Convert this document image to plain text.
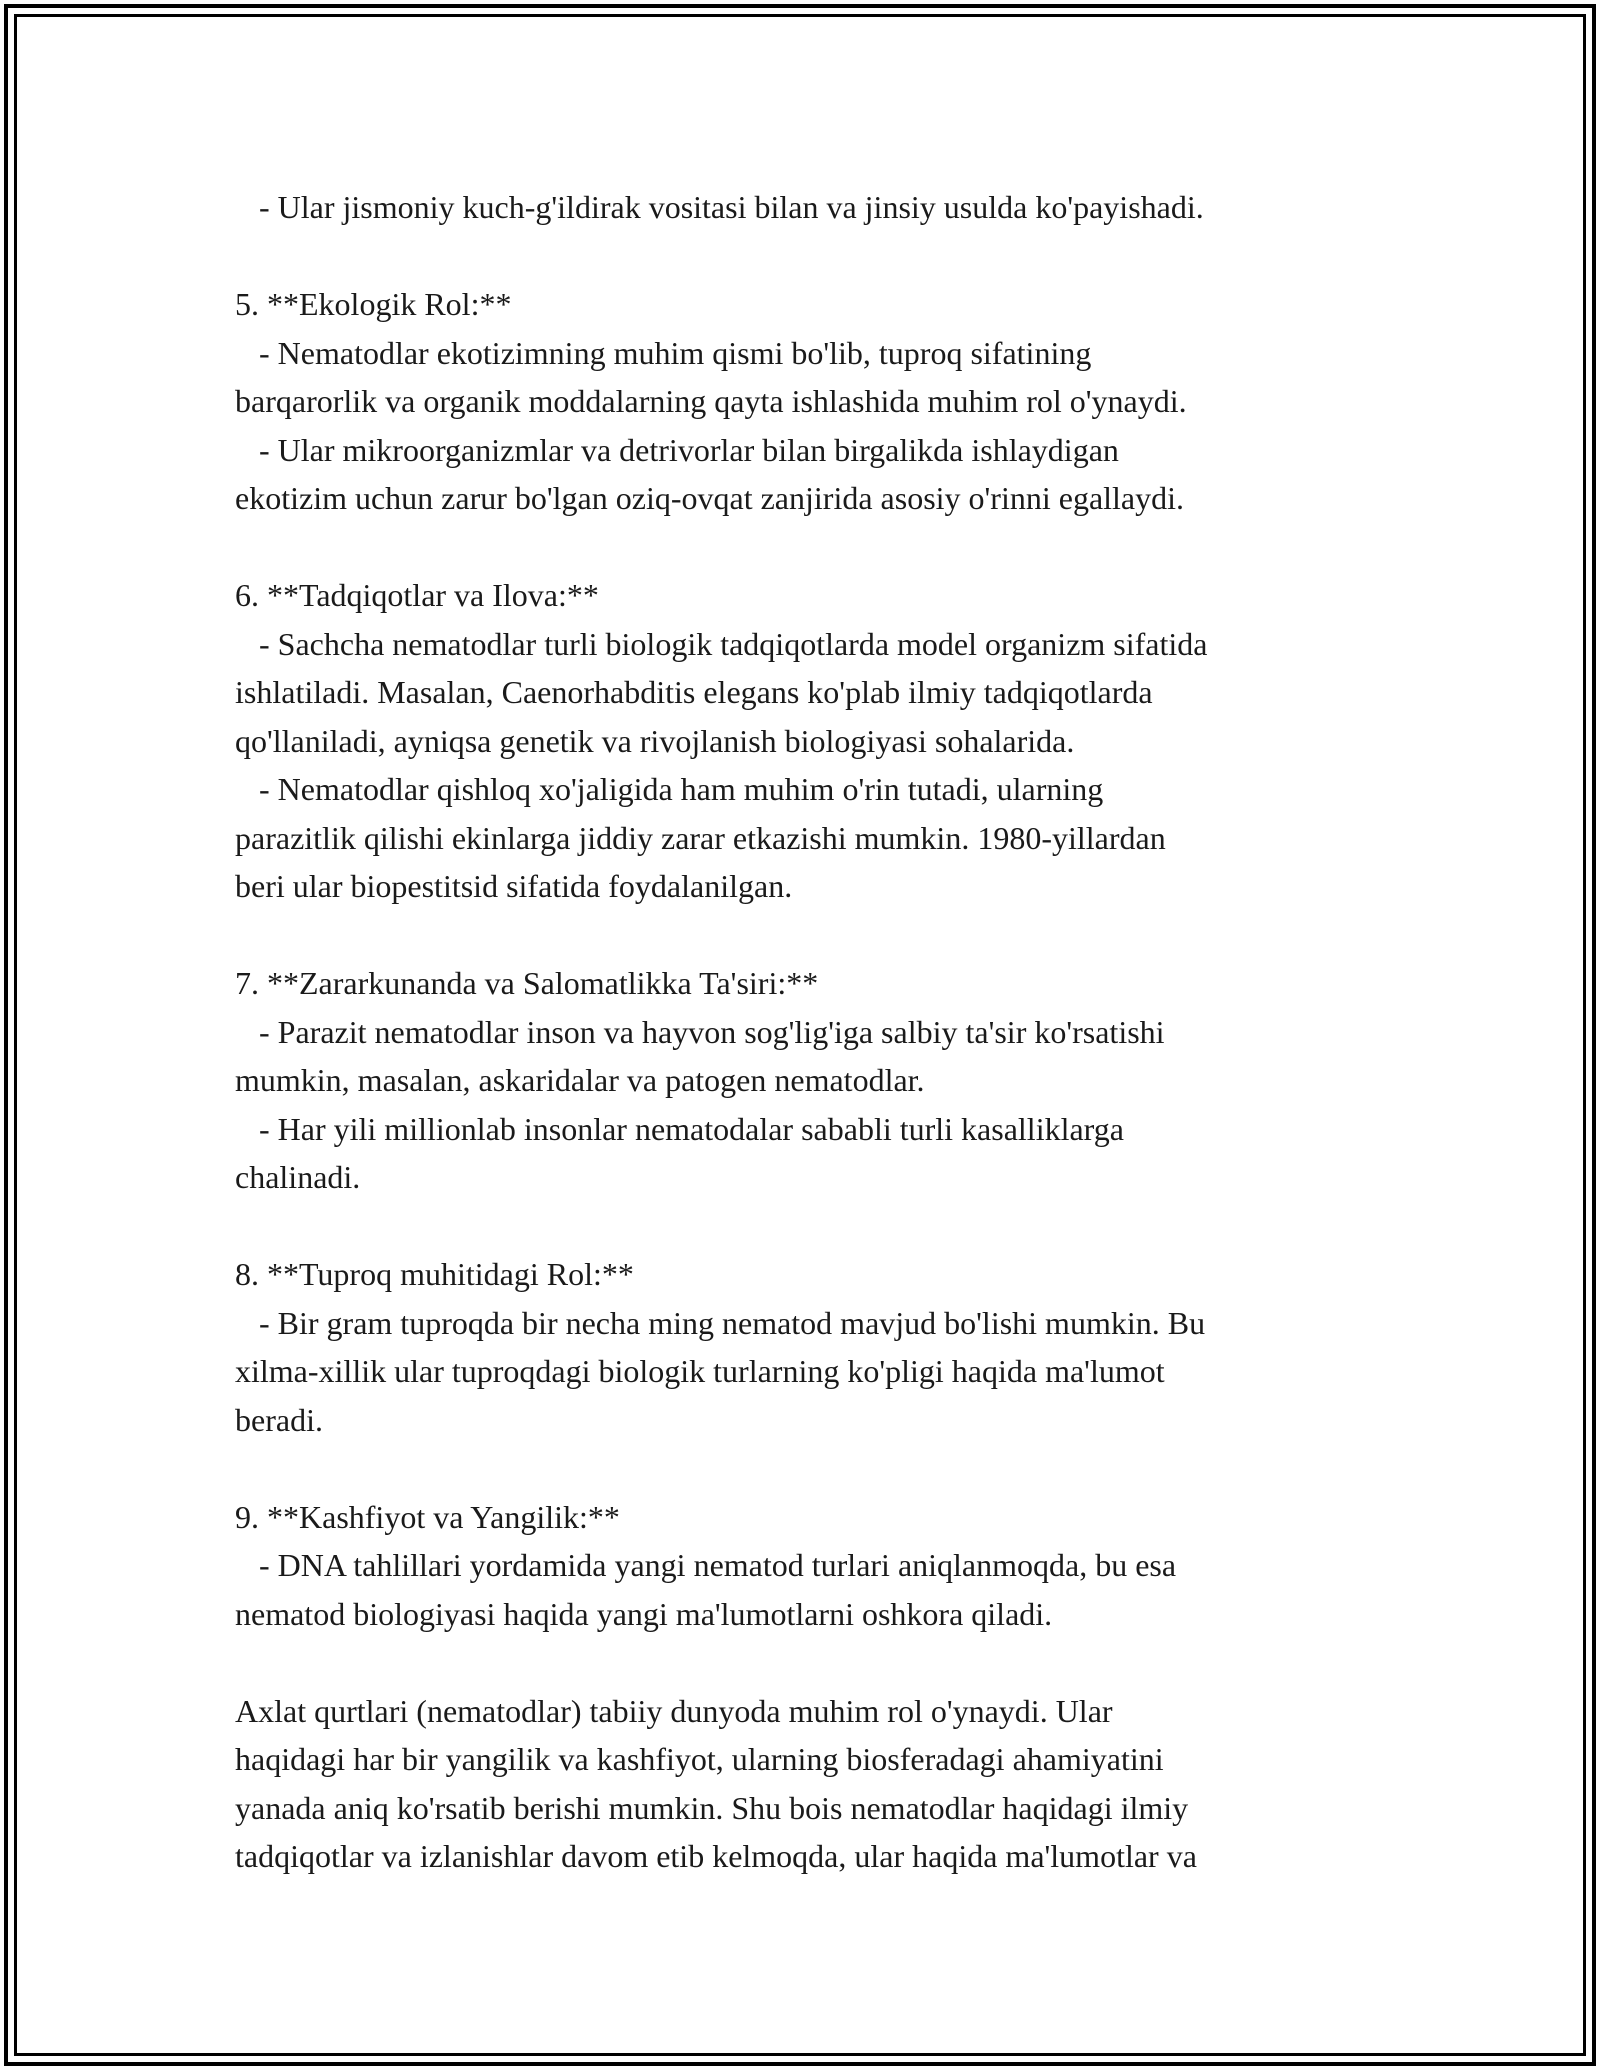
- Ular jismoniy kuch-g'ildirak vositasi bilan va jinsiy usulda ko'payishadi.
5. **Ekologik Rol:**
- Nematodlar ekotizimning muhim qismi bo'lib, tuproq sifatining
barqarorlik va organik moddalarning qayta ishlashida muhim rol o'ynaydi.
- Ular mikroorganizmlar va detrivorlar bilan birgalikda ishlaydigan
ekotizim uchun zarur bo'lgan oziq-ovqat zanjirida asosiy o'rinni egallaydi.
6. **Tadqiqotlar va Ilova:**
- Sachcha nematodlar turli biologik tadqiqotlarda model organizm sifatida
ishlatiladi. Masalan, Caenorhabditis elegans ko'plab ilmiy tadqiqotlarda
qo'llaniladi, ayniqsa genetik va rivojlanish biologiyasi sohalarida.
- Nematodlar qishloq xo'jaligida ham muhim o'rin tutadi, ularning
parazitlik qilishi ekinlarga jiddiy zarar etkazishi mumkin. 1980-yillardan
beri ular biopestitsid sifatida foydalanilgan.
7. **Zararkunanda va Salomatlikka Ta'siri:**
- Parazit nematodlar inson va hayvon sog'lig'iga salbiy ta'sir ko'rsatishi
mumkin, masalan, askaridalar va patogen nematodlar.
- Har yili millionlab insonlar nematodalar sababli turli kasalliklarga
chalinadi.
8. **Tuproq muhitidagi Rol:**
- Bir gram tuproqda bir necha ming nematod mavjud bo'lishi mumkin. Bu
xilma-xillik ular tuproqdagi biologik turlarning ko'pligi haqida ma'lumot
beradi.
9. **Kashfiyot va Yangilik:**
- DNA tahlillari yordamida yangi nematod turlari aniqlanmoqda, bu esa
nematod biologiyasi haqida yangi ma'lumotlarni oshkora qiladi.
Axlat qurtlari (nematodlar) tabiiy dunyoda muhim rol o'ynaydi. Ular
haqidagi har bir yangilik va kashfiyot, ularning biosferadagi ahamiyatini
yanada aniq ko'rsatib berishi mumkin. Shu bois nematodlar haqidagi ilmiy
tadqiqotlar va izlanishlar davom etib kelmoqda, ular haqida ma'lumotlar va
